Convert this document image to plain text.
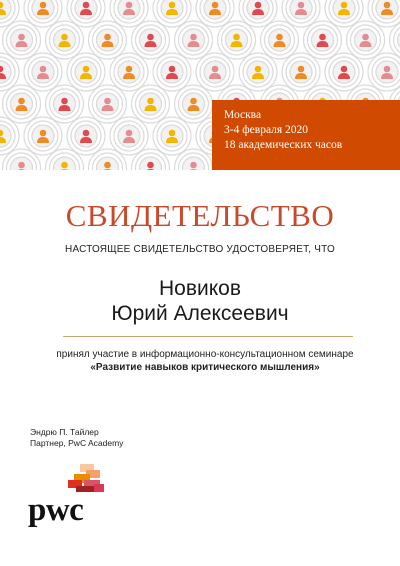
Москва
3-4 февраля 2020
18 академических часов
СВИДЕТЕЛЬСТВО
НАСТОЯЩЕЕ СВИДЕТЕЛЬСТВО УДОСТОВЕРЯЕТ, ЧТО
Новиков
Юрий Алексеевич
принял участие в информационно-консультационном семинаре «Развитие навыков критического мышления»
Эндрю П. Тайлер
Партнер, PwC Academy
pwc
